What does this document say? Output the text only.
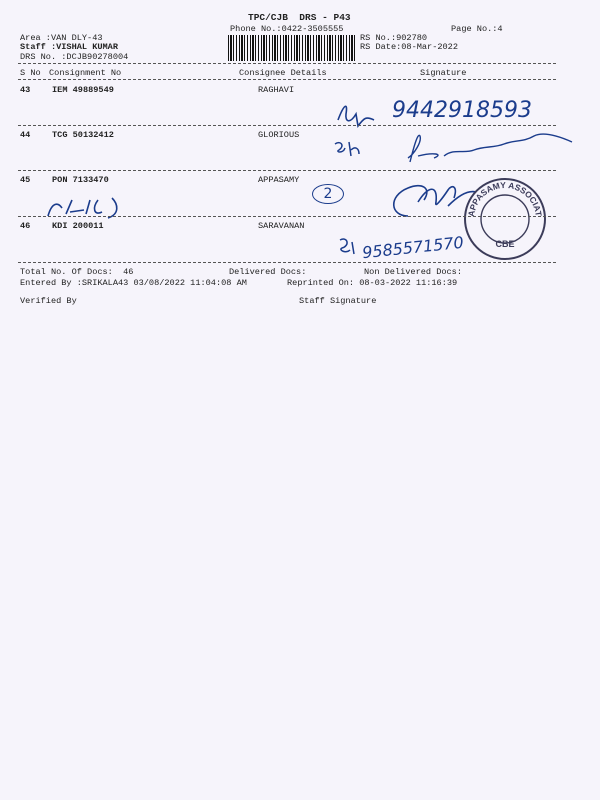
TPC/CJB  DRS - P43
Phone No.:0422-3505555	Page No.:4
Area :VAN DLY-43
Staff :VISHAL KUMAR
DRS No. :DCJB90278004
RS No.:902780
RS Date:08-Mar-2022
S No Consignment No	Consignee Details	Signature
43	IEM 49889549	RAGHAVI
9442918593
44	TCG 50132412	GLORIOUS
45	PON 7133470	APPASAMY
2
APPASAMY ASSOCIATES PVT. LTD.
CBE
46	KDI 200011	SARAVANAN
9585571570
Total No. Of Docs:  46	Delivered Docs:	Non Delivered Docs:
Entered By :SRIKALA43 03/08/2022 11:04:08 AM	Reprinted On: 08-03-2022 11:16:39
Verified By	Staff Signature
